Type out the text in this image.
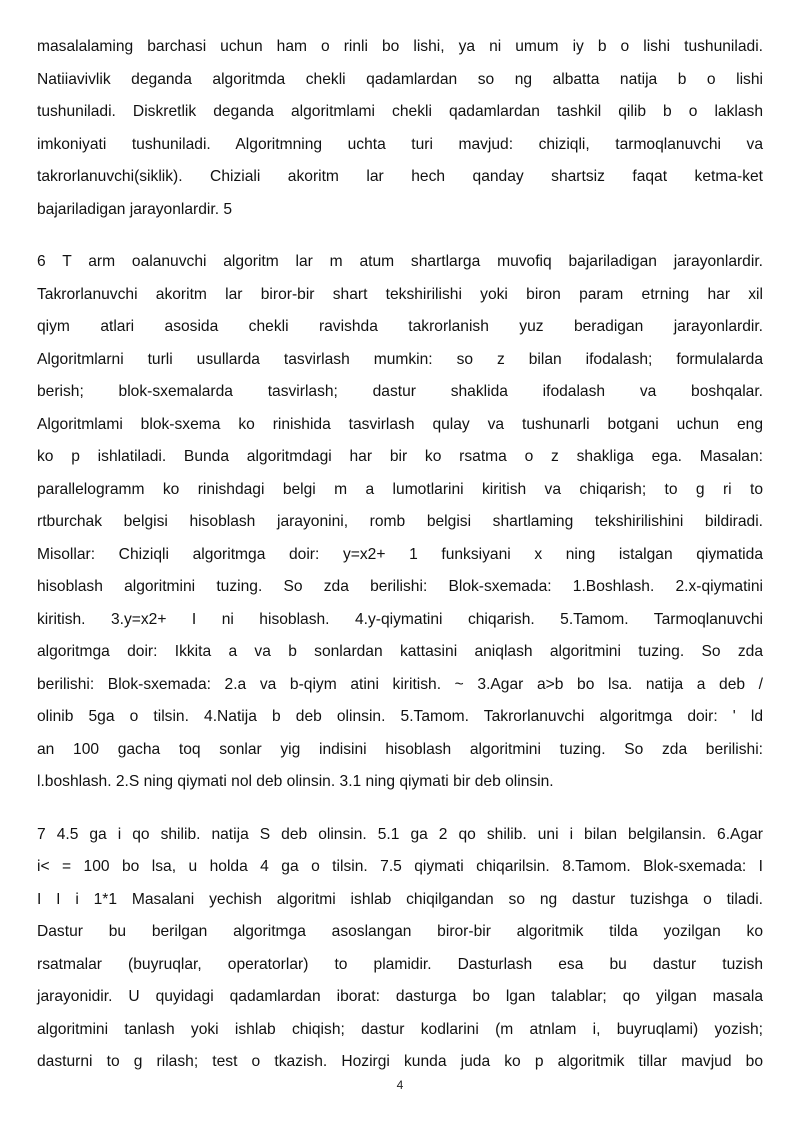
masalalaming barchasi uchun ham o rinli bo lishi, ya ni umum iy b o lishi tushuniladi.
Natiiavivlik deganda algoritmda chekli qadamlardan so ng albatta natija b o lishi
tushuniladi. Diskretlik deganda algoritmlami chekli qadamlardan tashkil qilib b o laklash
imkoniyati tushuniladi. Algoritmning uchta turi mavjud: chiziqli, tarmoqlanuvchi va
takrorlanuvchi(siklik). Chiziali akoritm lar hech qanday shartsiz faqat ketma-ket
bajariladigan jarayonlardir. 5
6 T arm oalanuvchi algoritm lar m atum shartlarga muvofiq bajariladigan jarayonlardir.
Takrorlanuvchi akoritm lar biror-bir shart tekshirilishi yoki biron param etrning har xil
qiym atlari asosida chekli ravishda takrorlanish yuz beradigan jarayonlardir.
Algoritmlarni turli usullarda tasvirlash mumkin: so z bilan ifodalash; formulalarda
berish; blok-sxemalarda tasvirlash; dastur shaklida ifodalash va boshqalar.
Algoritmlami blok-sxema ko rinishida tasvirlash qulay va tushunarli botgani uchun eng
ko p ishlatiladi. Bunda algoritmdagi har bir ko rsatma o z shakliga ega. Masalan:
parallelogramm ko rinishdagi belgi m a lumotlarini kiritish va chiqarish; to g ri to
rtburchak belgisi hisoblash jarayonini, romb belgisi shartlaming tekshirilishini bildiradi.
Misollar: Chiziqli algoritmga doir: y=x2+ 1 funksiyani x ning istalgan qiymatida
hisoblash algoritmini tuzing. So zda berilishi: Blok-sxemada: 1.Boshlash. 2.x-qiymatini
kiritish. 3.y=x2+ I ni hisoblash. 4.y-qiymatini chiqarish. 5.Tamom. Tarmoqlanuvchi
algoritmga doir: Ikkita a va b sonlardan kattasini aniqlash algoritmini tuzing. So zda
berilishi: Blok-sxemada: 2.a va b-qiym atini kiritish. ~ 3.Agar a>b bo lsa. natija a deb /
olinib 5ga o tilsin. 4.Natija b deb olinsin. 5.Tamom. Takrorlanuvchi algoritmga doir: ' ld
an 100 gacha toq sonlar yig indisini hisoblash algoritmini tuzing. So zda berilishi:
l.boshlash. 2.S ning qiymati nol deb olinsin. 3.1 ning qiymati bir deb olinsin.
7 4.5 ga i qo shilib. natija S deb olinsin. 5.1 ga 2 qo shilib. uni i bilan belgilansin. 6.Agar
i< = 100 bo lsa, u holda 4 ga o tilsin. 7.5 qiymati chiqarilsin. 8.Tamom. Blok-sxemada: I
I I i 1*1 Masalani yechish algoritmi ishlab chiqilgandan so ng dastur tuzishga o tiladi.
Dastur bu berilgan algoritmga asoslangan biror-bir algoritmik tilda yozilgan ko
rsatmalar (buyruqlar, operatorlar) to plamidir. Dasturlash esa bu dastur tuzish
jarayonidir. U quyidagi qadamlardan iborat: dasturga bo lgan talablar; qo yilgan masala
algoritmini tanlash yoki ishlab chiqish; dastur kodlarini (m atnlam i, buyruqlami) yozish;
dasturni to g rilash; test o tkazish. Hozirgi kunda juda ko p algoritmik tillar mavjud bo
4
